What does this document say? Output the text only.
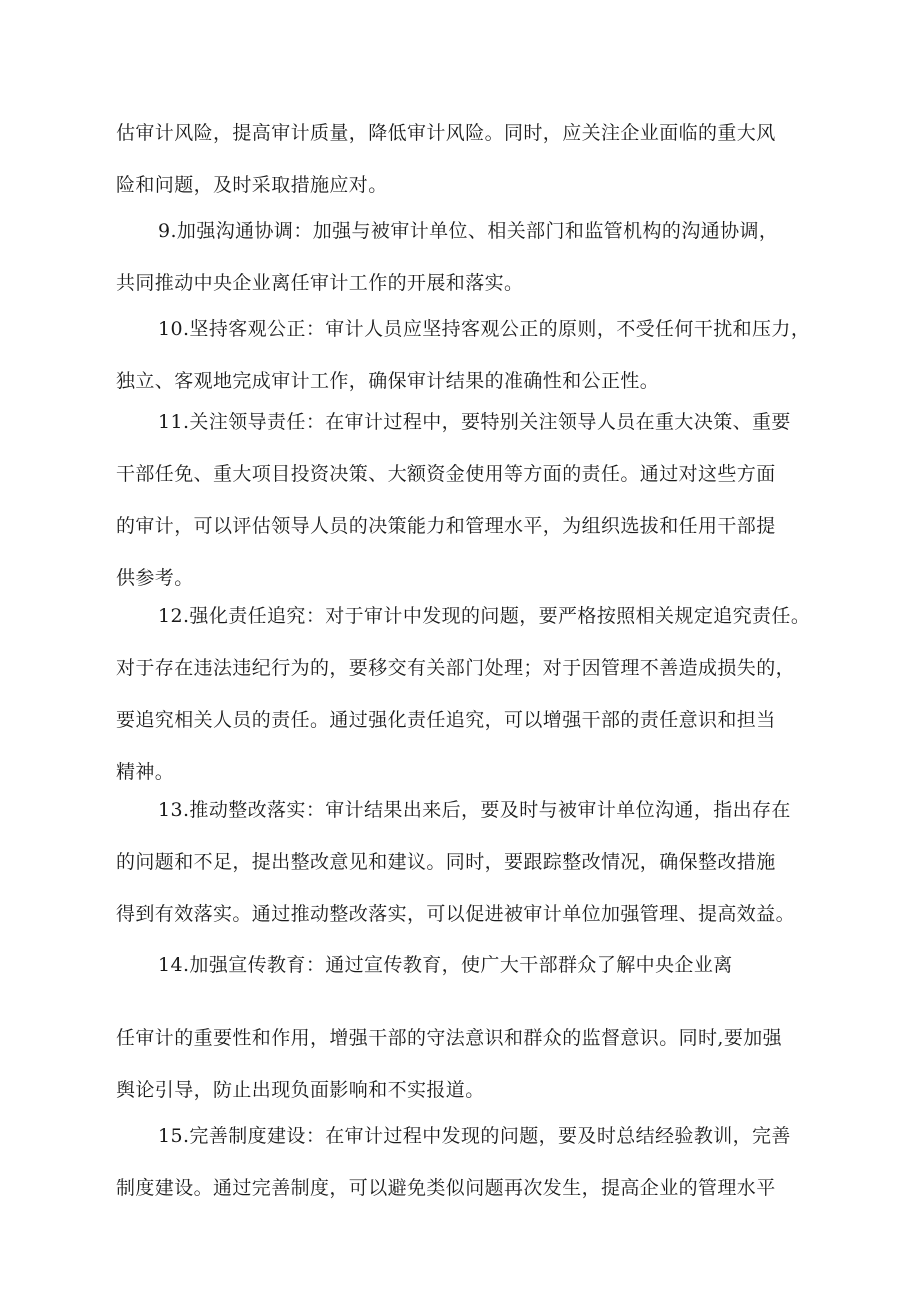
估审计风险，提高审计质量，降低审计风险。同时，应关注企业面临的重大风
险和问题，及时采取措施应对。
9.加强沟通协调：加强与被审计单位、相关部门和监管机构的沟通协调，
共同推动中央企业离任审计工作的开展和落实。
10.坚持客观公正：审计人员应坚持客观公正的原则，不受任何干扰和压力，
独立、客观地完成审计工作，确保审计结果的准确性和公正性。
11.关注领导责任：在审计过程中，要特别关注领导人员在重大决策、重要
干部任免、重大项目投资决策、大额资金使用等方面的责任。通过对这些方面
的审计，可以评估领导人员的决策能力和管理水平，为组织选拔和任用干部提
供参考。
12.强化责任追究：对于审计中发现的问题，要严格按照相关规定追究责任。
对于存在违法违纪行为的，要移交有关部门处理；对于因管理不善造成损失的，
要追究相关人员的责任。通过强化责任追究，可以增强干部的责任意识和担当
精神。
13.推动整改落实：审计结果出来后，要及时与被审计单位沟通，指出存在
的问题和不足，提出整改意见和建议。同时，要跟踪整改情况，确保整改措施
得到有效落实。通过推动整改落实，可以促进被审计单位加强管理、提高效益。
14.加强宣传教育：通过宣传教育，使广大干部群众了解中央企业离
任审计的重要性和作用，增强干部的守法意识和群众的监督意识。同时,要加强
舆论引导，防止出现负面影响和不实报道。
15.完善制度建设：在审计过程中发现的问题，要及时总结经验教训，完善
制度建设。通过完善制度，可以避免类似问题再次发生，提高企业的管理水平
